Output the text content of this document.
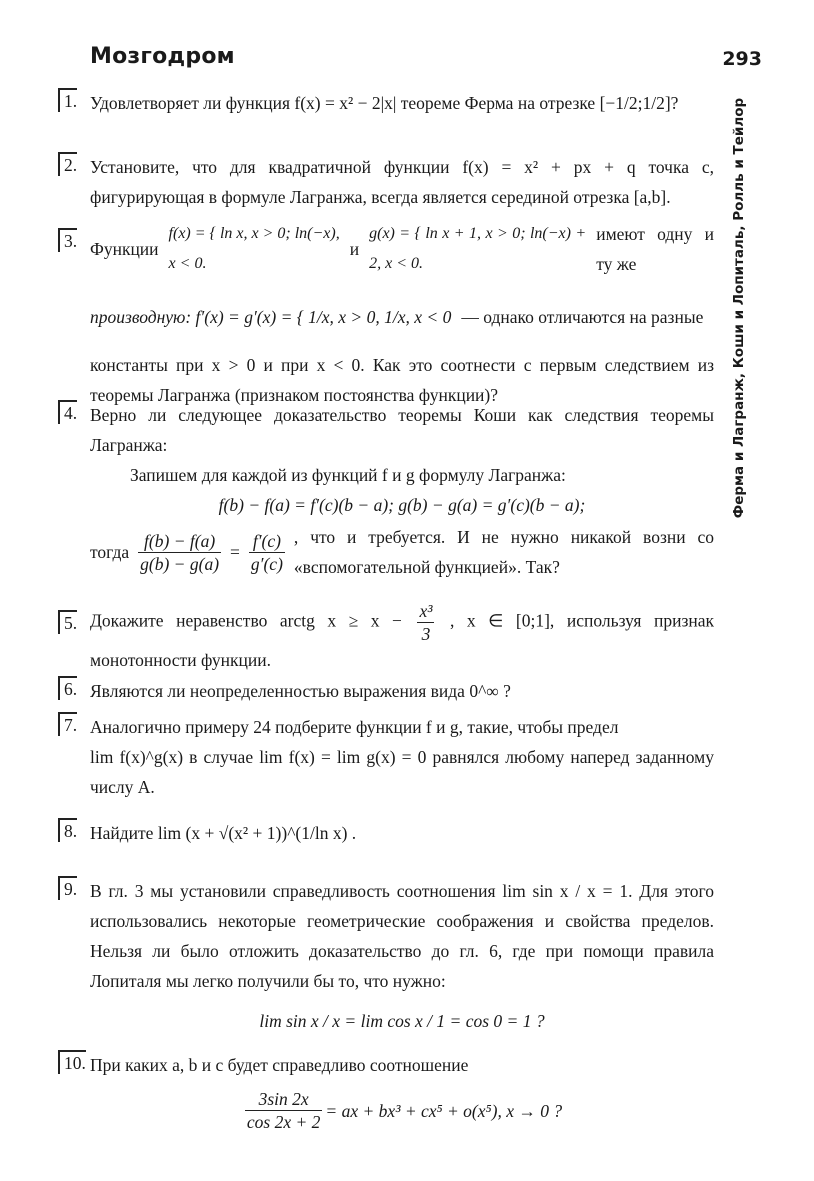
Мозгодром	293
Ферма и Лагранж, Коши и Лопиталь, Ролль и Тейлор
1. Удовлетворяет ли функция f(x) = x² − 2|x| теореме Ферма на отрезке [−1/2;1/2]?
2. Установите, что для квадратичной функции f(x) = x² + px + q точка c, фигурирующая в формуле Лагранжа, всегда является серединой отрезка [a,b].
3. Функции
f(x) = { ln x, x > 0; ln(−x), x < 0.
и
g(x) = { ln x + 1, x > 0; ln(−x) + 2, x < 0.
имеют одну и ту же
производную: f′(x) = g′(x) = { 1/x, x > 0, 1/x, x < 0 — однако отличаются на разные
константы при x > 0 и при x < 0. Как это соотнести с первым следствием из теоремы Лагранжа (признаком постоянства функции)?
4. Верно ли следующее доказательство теоремы Коши как следствия теоремы Лагранжа:
Запишем для каждой из функций f и g формулу Лагранжа:
f(b) − f(a) = f′(c)(b − a); g(b) − g(a) = g′(c)(b − a);
тогда $\frac{f(b) - f(a)}{g(b) - g(a)} = \frac{f'(c)}{g'(c)}$ , что и требуется. И не нужно никакой возни со «вспомогательной функцией». Так?
5. Докажите неравенство arctg $x \ge x - \frac{\text{x³}}{3}$ , x ∈ [0;1], используя признак монотонности функции.
6. Являются ли неопределенностью выражения вида 0^∞ ?
7. Аналогично примеру 24 подберите функции f и g, такие, чтобы предел
lim f(x)^g(x) в случае lim f(x) = lim g(x) = 0 равнялся любому наперед заданному числу A.
8. Найдите lim (x + √(x² + 1))^(1/ln x) .
9. В гл. 3 мы установили справедливость соотношения lim sin x / x = 1. Для этого использовались некоторые геометрические соображения и свойства пределов. Нельзя ли было отложить доказательство до гл. 6, где при помощи правила Лопиталя мы легко получили бы то, что нужно:
lim sin x / x = lim cos x / 1 = cos 0 = 1 ?
10. При каких a, b и c будет справедливо соотношение
$\frac{3\sin 2x}{\cos 2x + 2}$ = ax + bx³ + cx⁵ + o(x⁵), x → 0 ?
